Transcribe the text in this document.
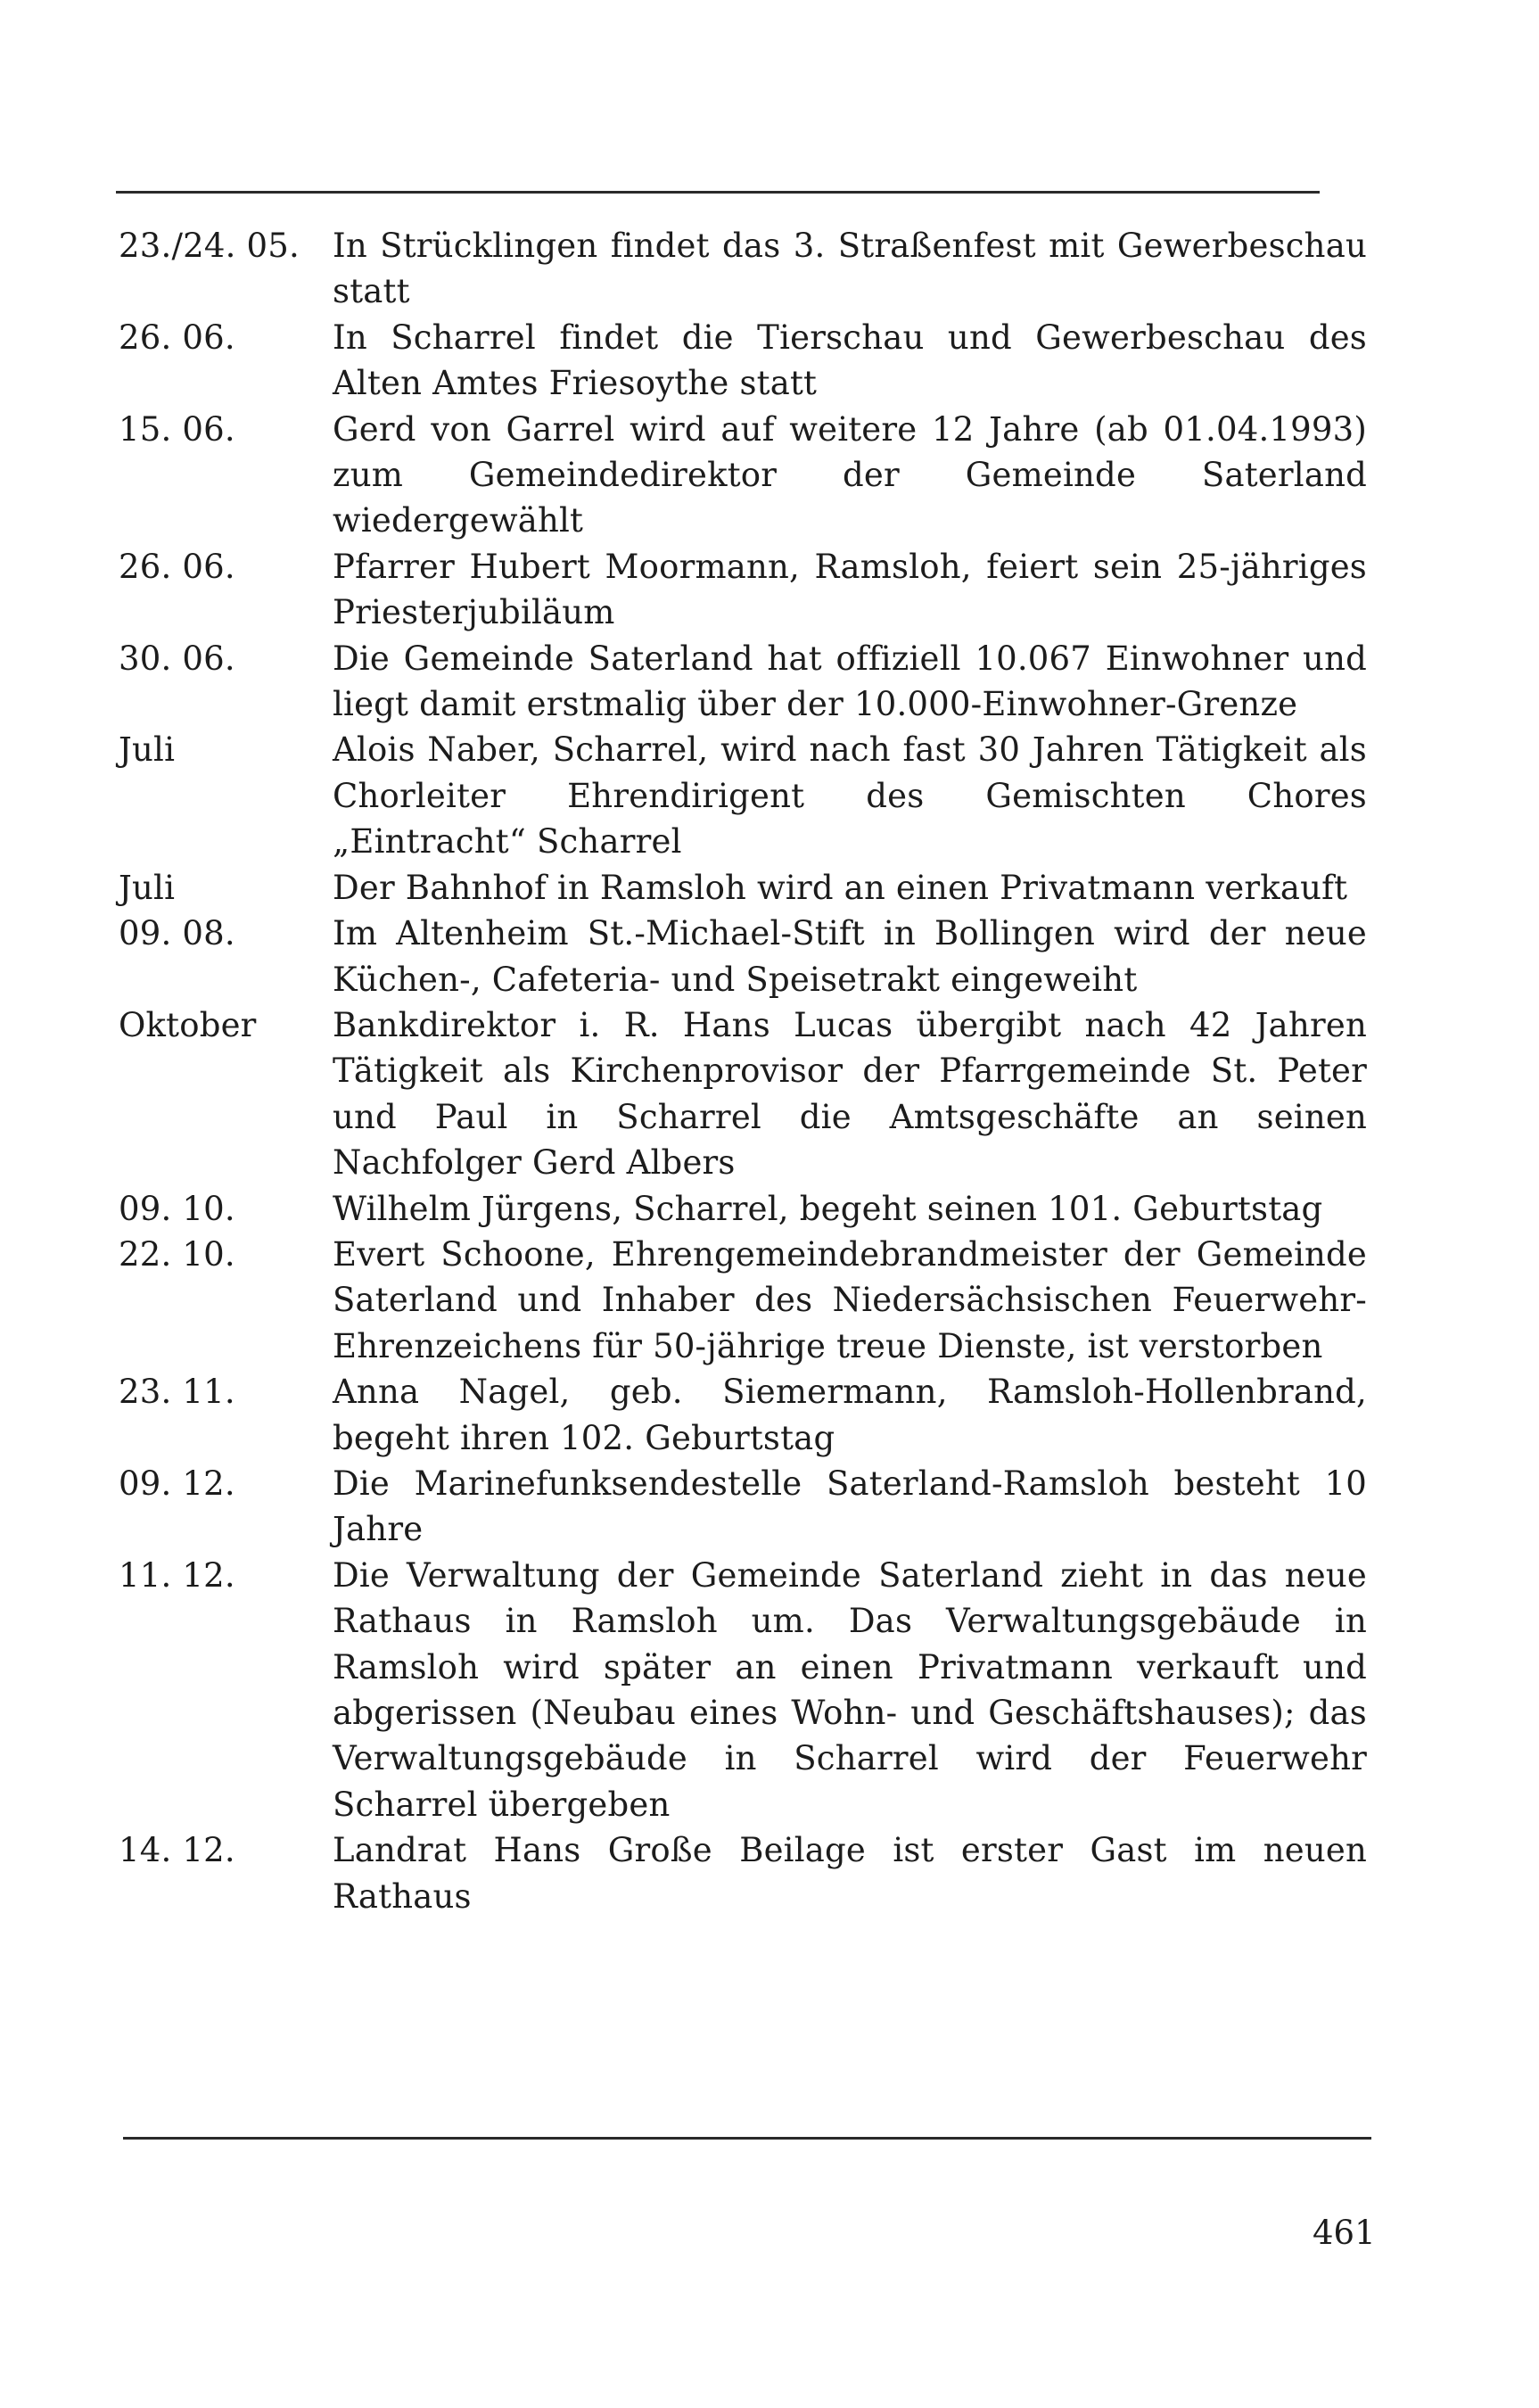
23./24. 05.	In Strücklingen findet das 3. Straßenfest mit Gewerbeschau statt
26. 06.	In Scharrel findet die Tierschau und Gewerbeschau des Alten Amtes Friesoythe statt
15. 06.	Gerd von Garrel wird auf weitere 12 Jahre (ab 01.04.1993) zum Gemeindedirektor der Gemeinde Saterland wiedergewählt
26. 06.	Pfarrer Hubert Moormann, Ramsloh, feiert sein 25-jähriges Priesterjubiläum
30. 06.	Die Gemeinde Saterland hat offiziell 10.067 Einwohner und liegt damit erstmalig über der 10.000-Einwohner-Grenze
Juli	Alois Naber, Scharrel, wird nach fast 30 Jahren Tätigkeit als Chorleiter Ehrendirigent des Gemischten Chores „Eintracht“ Scharrel
Juli	Der Bahnhof in Ramsloh wird an einen Privatmann verkauft
09. 08.	Im Altenheim St.-Michael-Stift in Bollingen wird der neue Küchen-, Cafeteria- und Speisetrakt eingeweiht
Oktober	Bankdirektor i. R. Hans Lucas übergibt nach 42 Jahren Tätigkeit als Kirchenprovisor der Pfarrgemeinde St. Peter und Paul in Scharrel die Amtsgeschäfte an seinen Nachfolger Gerd Albers
09. 10.	Wilhelm Jürgens, Scharrel, begeht seinen 101. Geburtstag
22. 10.	Evert Schoone, Ehrengemeindebrandmeister der Gemeinde Saterland und Inhaber des Niedersächsischen Feuerwehr-Ehrenzeichens für 50-jährige treue Dienste, ist verstorben
23. 11.	Anna Nagel, geb. Siemermann, Ramsloh-Hollenbrand, begeht ihren 102. Geburtstag
09. 12.	Die Marinefunksendestelle Saterland-Ramsloh besteht 10 Jahre
11. 12.	Die Verwaltung der Gemeinde Saterland zieht in das neue Rathaus in Ramsloh um. Das Verwaltungsgebäude in Ramsloh wird später an einen Privatmann verkauft und abgerissen (Neubau eines Wohn- und Geschäftshauses); das Verwaltungsgebäude in Scharrel wird der Feuerwehr Scharrel übergeben
14. 12.	Landrat Hans Große Beilage ist erster Gast im neuen Rathaus
461
